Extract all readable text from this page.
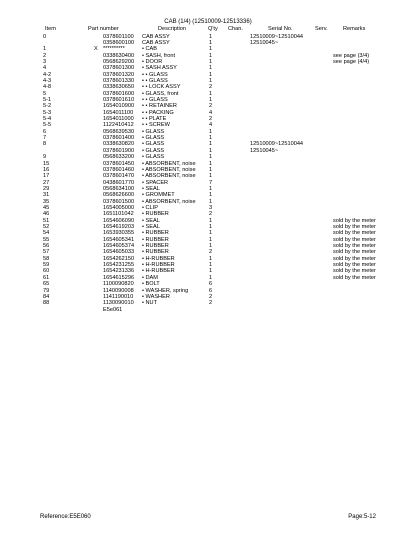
CAB (1/4) (12510009-12513336)
Item	Part number	Description	Q'ty Chan.	Serial No.	Serv.	Remarks
0	0378601100 CAB ASSY	1	12510009~12510044
0358600100 CAB ASSY	1	12510045~
1	X **********	• CAB	1
2	0338630400 • SASH, front	1	see page (3/4)
3	0568629200 • DOOR	1	see page (4/4)
4	0378601300 • SASH ASSY	1
4-2	0378601320 • • GLASS	1
4-3	0378601330 • • GLASS	1
4-8	0338630650 • • LOCK ASSY	2
5	0378601600 • GLASS, front	1
5-1	0378601610 • • GLASS	1
5-2	1654010900 • • RETAINER	2
5-3	1654011100 • • PACKING	4
5-4	1654011000 • • PLATE	2
5-5	1122410412 • • SCREW	4
6	0568639530 • GLASS	1
7	0378601400 • GLASS	1
8	0338630820 • GLASS	1	12510009~12510044
0378601900 • GLASS	1	12510045~
9	0568633200 • GLASS	1
15	0378601450 • ABSORBENT, noise 1
16	0378601460 • ABSORBENT, noise 1
17	0378601470 • ABSORBENT, noise 1
27	0438601770 • SPACER	7
29	0568634100 • SEAL	1
31	0568626600 • GROMMET	1
35	0378601500 • ABSORBENT, noise 1
45	1654005000 • CLIP	3
46	1651101042 • RUBBER	2
51	1654606090 • SEAL	1	sold by the meter
52	1654619203 • SEAL	1	sold by the meter
54	1653930355 • RUBBER	1	sold by the meter
55	1654605341 • RUBBER	1	sold by the meter
56	1654605374 • RUBBER	1	sold by the meter
57	1654605033 • RUBBER	2	sold by the meter
58	1654262150 • H-RUBBER	1	sold by the meter
59	1654231255 • H-RUBBER	1	sold by the meter
60	1654231336 • H-RUBBER	1	sold by the meter
61	1654615296 • DAM	1	sold by the meter
65	1100090820 • BOLT	6
79	1140090008 • WASHER, spring	6
84	1141190010 • WASHER	2
88	1130090010 • NUT	2
E5e061
Reference:E5E060	Page:5-12
